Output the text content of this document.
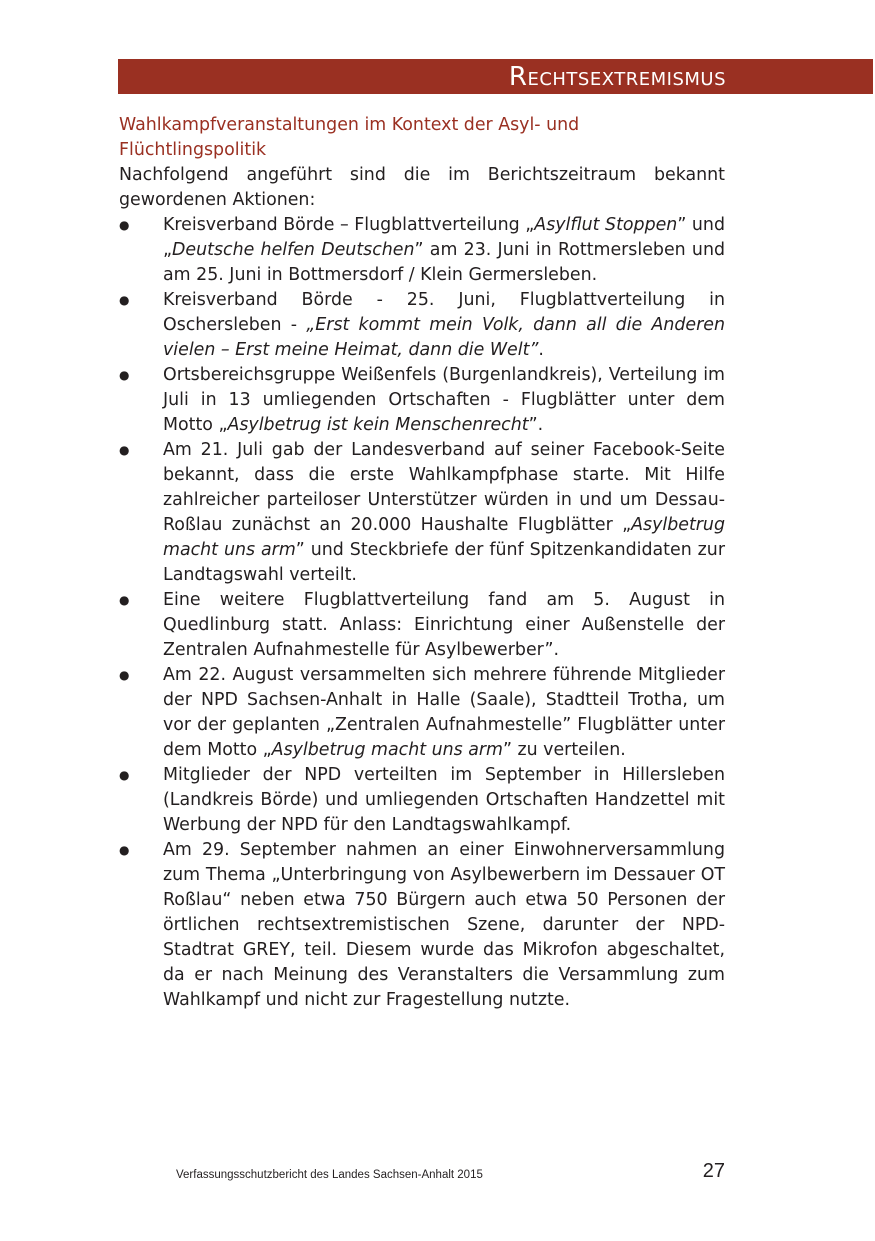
Rechtsextremismus
Wahlkampfveranstaltungen im Kontext der Asyl- und
Flüchtlingspolitik

Nachfolgend angeführt sind die im Berichtszeitraum bekannt gewordenen Aktionen:

● Kreisverband Börde – Flugblattverteilung „Asylflut Stoppen” und „Deutsche helfen Deutschen” am 23. Juni in Rottmersleben und am 25. Juni in Bottmersdorf / Klein Germersleben.
● Kreisverband Börde - 25. Juni, Flugblattverteilung in Oschersleben - „Erst kommt mein Volk, dann all die Anderen vielen – Erst meine Heimat, dann die Welt”.
● Ortsbereichsgruppe Weißenfels (Burgenlandkreis), Verteilung im Juli in 13 umliegenden Ortschaften - Flugblätter unter dem Motto „Asylbetrug ist kein Menschenrecht”.
● Am 21. Juli gab der Landesverband auf seiner Facebook-Seite bekannt, dass die erste Wahlkampfphase starte. Mit Hilfe zahlreicher parteiloser Unterstützer würden in und um Dessau-Roßlau zunächst an 20.000 Haushalte Flugblätter „Asylbetrug macht uns arm” und Steckbriefe der fünf Spitzenkandidaten zur Landtagswahl verteilt.
● Eine weitere Flugblattverteilung fand am 5. August in Quedlinburg statt. Anlass: Einrichtung einer Außenstelle der Zentralen Aufnahmestelle für Asylbewerber”.
● Am 22. August versammelten sich mehrere führende Mitglieder der NPD Sachsen-Anhalt in Halle (Saale), Stadtteil Trotha, um vor der geplanten „Zentralen Aufnahmestelle” Flugblätter unter dem Motto „Asylbetrug macht uns arm” zu verteilen.
● Mitglieder der NPD verteilten im September in Hillersleben (Landkreis Börde) und umliegenden Ortschaften Handzettel mit Werbung der NPD für den Landtagswahlkampf.
● Am 29. September nahmen an einer Einwohnerversammlung zum Thema „Unterbringung von Asylbewerbern im Dessauer OT Roßlau“ neben etwa 750 Bürgern auch etwa 50 Personen der örtlichen rechtsextremistischen Szene, darunter der NPD-Stadtrat GREY, teil. Diesem wurde das Mikrofon abgeschaltet, da er nach Meinung des Veranstalters die Versammlung zum Wahlkampf und nicht zur Fragestellung nutzte.
Verfassungsschutzbericht des Landes Sachsen-Anhalt 2015	27
